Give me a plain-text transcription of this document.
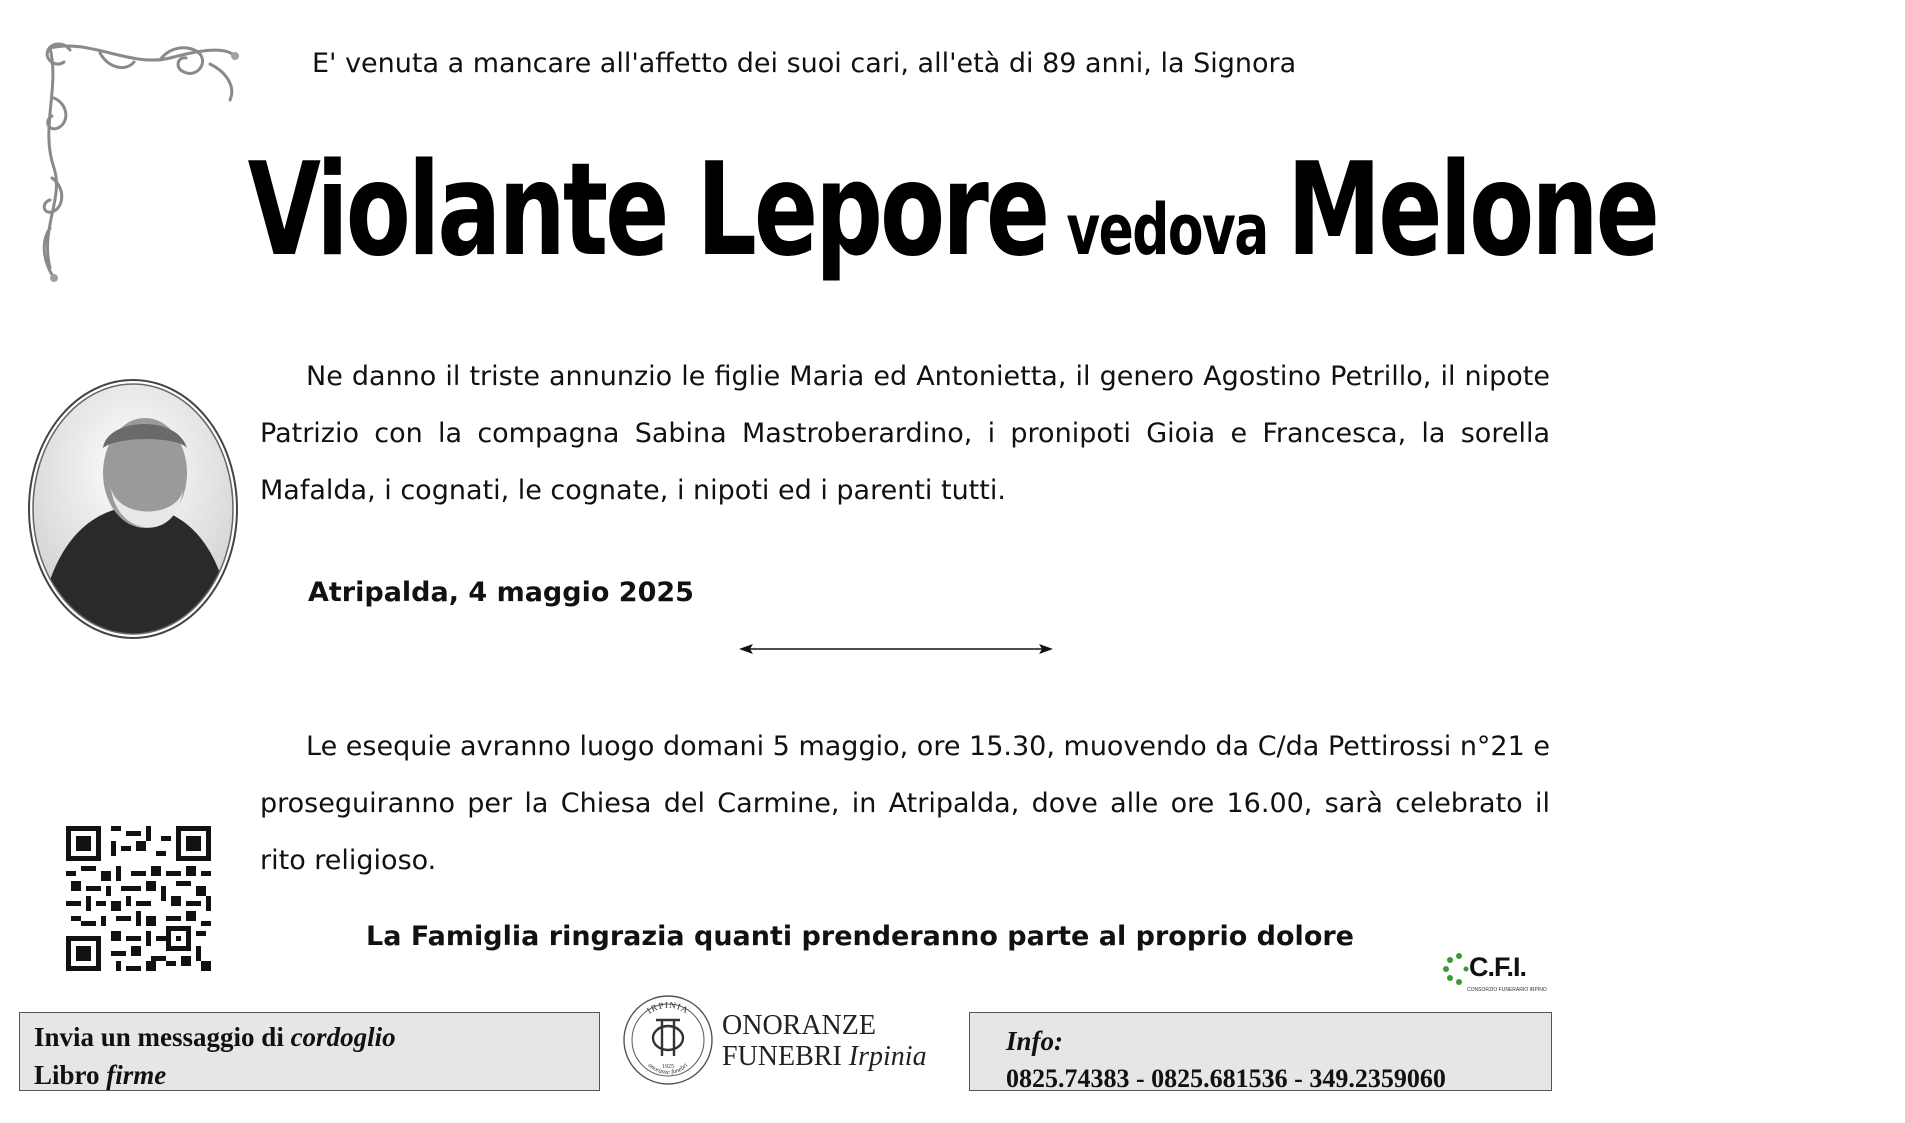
E' venuta a mancare all'affetto dei suoi cari, all'età di 89 anni, la Signora
Violante Lepore vedova Melone
Ne danno il triste annunzio le figlie Maria ed Antonietta, il genero Agostino Petrillo, il nipote Patrizio con la compagna Sabina Mastroberardino, i pronipoti Gioia e Francesca, la sorella Mafalda, i cognati, le cognate, i nipoti ed i parenti tutti.
Atripalda, 4 maggio 2025
Le esequie avranno luogo domani 5 maggio, ore 15.30, muovendo da C/da Pettirossi n°21 e proseguiranno per la Chiesa del Carmine, in Atripalda, dove alle ore 16.00, sarà celebrato il rito religioso.
La Famiglia ringrazia quanti prenderanno parte al proprio dolore
C.F.I.
CONSORZIO FUNERARIO IRPINO
Invia un messaggio di cordoglio
Libro firme
IRPINIA
onoranze funebri
1925
ONORANZE
FUNEBRI Irpinia	Info:
0825.74383 - 0825.681536 - 349.2359060
